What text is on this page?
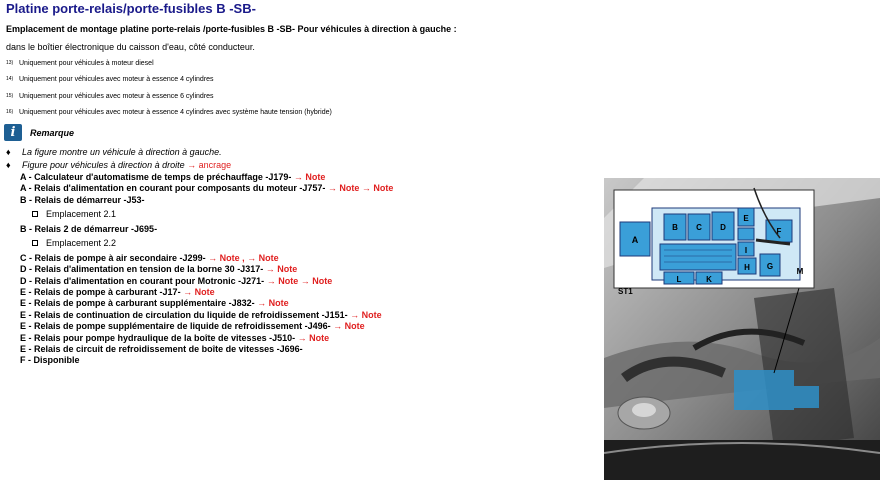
Platine porte-relais/porte-fusibles B -SB-
Emplacement de montage platine porte-relais /porte-fusibles B -SB- Pour véhicules à direction à gauche :
dans le boîtier électronique du caisson d'eau, côté conducteur.
$^{13)}$ Uniquement pour véhicules à moteur diesel
$^{14)}$ Uniquement pour véhicules avec moteur à essence 4 cylindres
$^{15)}$ Uniquement pour véhicules avec moteur à essence 6 cylindres
$^{16)}$ Uniquement pour véhicules avec moteur à essence 4 cylindres avec système haute tension (hybride)
i	Remarque
♦ La figure montre un véhicule à direction à gauche.
♦ Figure pour véhicules à direction à droite → ancrage
A - Calculateur d'automatisme de temps de préchauffage -J179- → Note
A - Relais d'alimentation en courant pour composants du moteur -J757- → Note → Note
B - Relais de démarreur -J53-
Emplacement 2.1
B - Relais 2 de démarreur -J695-
Emplacement 2.2
C - Relais de pompe à air secondaire -J299- → Note , → Note
D - Relais d'alimentation en tension de la borne 30 -J317- → Note
D - Relais d'alimentation en courant pour Motronic -J271- → Note → Note
E - Relais de pompe à carburant -J17- → Note
E - Relais de pompe à carburant supplémentaire -J832- → Note
E - Relais de continuation de circulation du liquide de refroidissement -J151- → Note
E - Relais de pompe supplémentaire de liquide de refroidissement -J496- → Note
E - Relais pour pompe hydraulique de la boîte de vitesses -J510- → Note
E - Relais de circuit de refroidissement de boîte de vitesses -J696-
F - Disponible
A
B C D
E
F
I
H G
L	K
M
ST1
